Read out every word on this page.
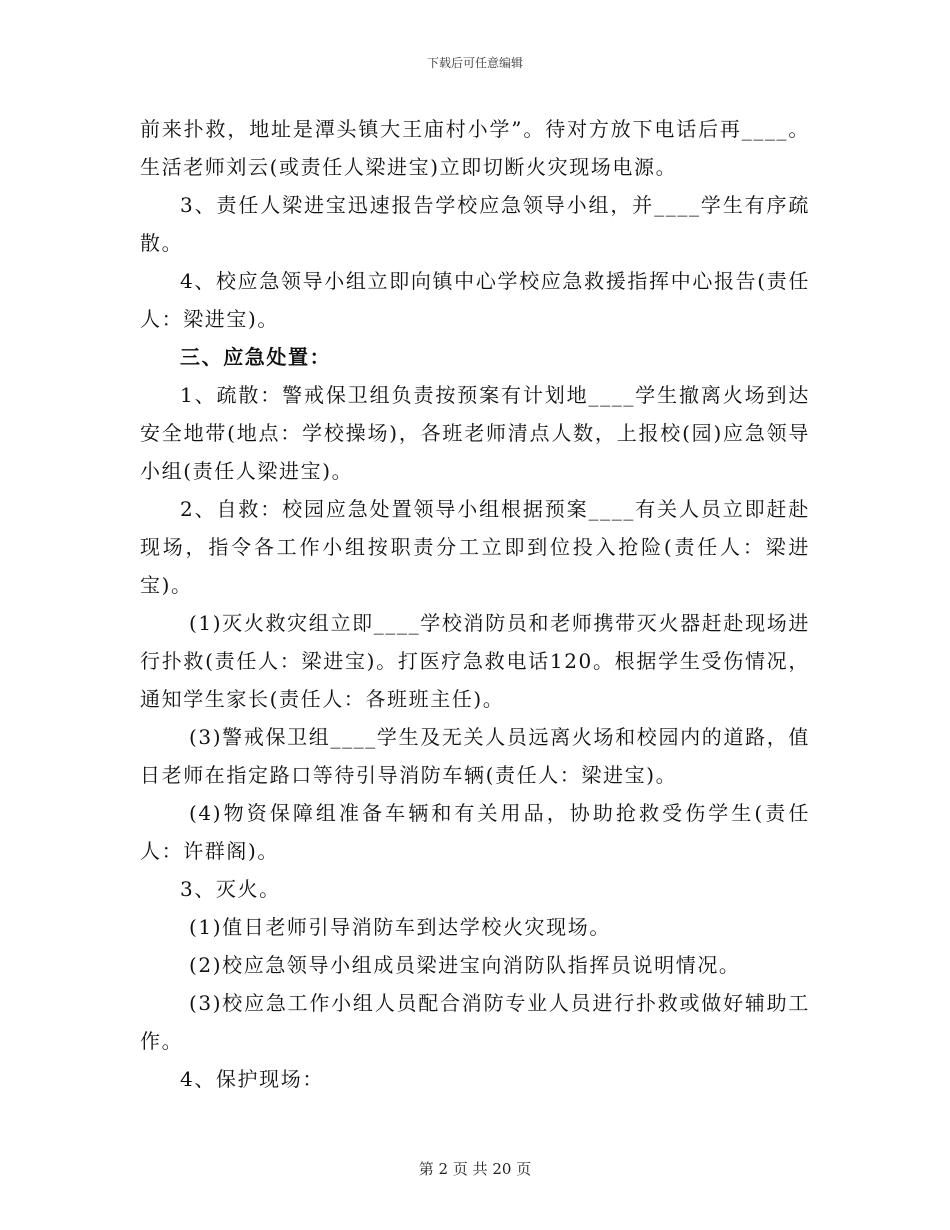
下载后可任意编辑

前来扑救，地址是潭头镇大王庙村小学”。待对方放下电话后再____。生活老师刘云(或责任人梁进宝)立即切断火灾现场电源。

3、责任人梁进宝迅速报告学校应急领导小组，并____学生有序疏散。

4、校应急领导小组立即向镇中心学校应急救援指挥中心报告(责任人：梁进宝)。

三、应急处置：

1、疏散：警戒保卫组负责按预案有计划地____学生撤离火场到达安全地带(地点：学校操场)，各班老师清点人数，上报校(园)应急领导小组(责任人梁进宝)。

2、自救：校园应急处置领导小组根据预案____有关人员立即赶赴现场，指令各工作小组按职责分工立即到位投入抢险(责任人：梁进宝)。

(1)灭火救灾组立即____学校消防员和老师携带灭火器赶赴现场进行扑救(责任人：梁进宝)。打医疗急救电话120。根据学生受伤情况，通知学生家长(责任人：各班班主任)。

(3)警戒保卫组____学生及无关人员远离火场和校园内的道路，值日老师在指定路口等待引导消防车辆(责任人：梁进宝)。

(4)物资保障组准备车辆和有关用品，协助抢救受伤学生(责任人：许群阁)。

3、灭火。

(1)值日老师引导消防车到达学校火灾现场。

(2)校应急领导小组成员梁进宝向消防队指挥员说明情况。

(3)校应急工作小组人员配合消防专业人员进行扑救或做好辅助工作。

4、保护现场：

第 2 页 共 20 页
